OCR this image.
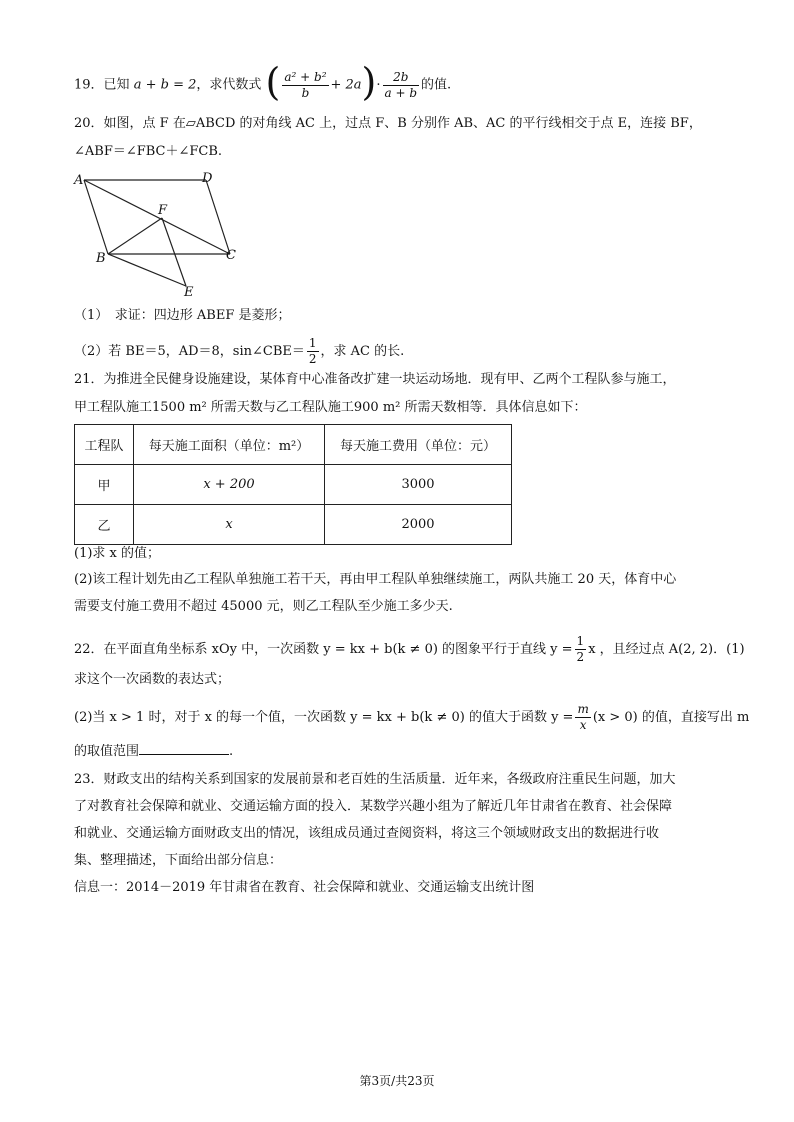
19．已知 a + b = 2，求代数式 ( $\frac{\text{a² + b²}}{b} + 2a)\cdot \frac{2b}{a + b}$ 的值.
20．如图，点 F 在▱ABCD 的对角线 AC 上，过点 F、B 分别作 AB、AC 的平行线相交于点 E，连接 BF，
∠ABF＝∠FBC＋∠FCB.
A	D
F
B	C
E
（1）　求证：四边形 ABEF 是菱形；
（2）若 BE＝5，AD＝8，sin∠CBE＝ $\frac{1}{2}$ ，求 AC 的长.
21．为推进全民健身设施建设，某体育中心准备改扩建一块运动场地．现有甲、乙两个工程队参与施工，
甲工程队施工1500 m² 所需天数与乙工程队施工900 m² 所需天数相等．具体信息如下：
工程队	每天施工面积（单位：m²）	每天施工费用（单位：元）
甲	x + 200	3000
乙	x	2000
(1)求 x 的值；
(2)该工程计划先由乙工程队单独施工若干天，再由甲工程队单独继续施工，两队共施工 20 天，体育中心
需要支付施工费用不超过 45000 元，则乙工程队至少施工多少天.
22．在平面直角坐标系 xOy 中，一次函数 y = kx + b(k ≠ 0) 的图象平行于直线 $y = \frac{1}{2}$ x ，且经过点 A(2, 2)．(1)
求这个一次函数的表达式；
(2)当 x > 1 时，对于 x 的每一个值，一次函数 y = kx + b(k ≠ 0) 的值大于函数 $y = \frac{m}{x} (x > 0)$ 的值，直接写出 m
的取值范围	.
23．财政支出的结构关系到国家的发展前景和老百姓的生活质量．近年来，各级政府注重民生问题，加大
了对教育社会保障和就业、交通运输方面的投入．某数学兴趣小组为了解近几年甘肃省在教育、社会保障
和就业、交通运输方面财政支出的情况，该组成员通过查阅资料，将这三个领域财政支出的数据进行收
集、整理描述，下面给出部分信息：
信息一：2014－2019 年甘肃省在教育、社会保障和就业、交通运输支出统计图
第3页/共23页
